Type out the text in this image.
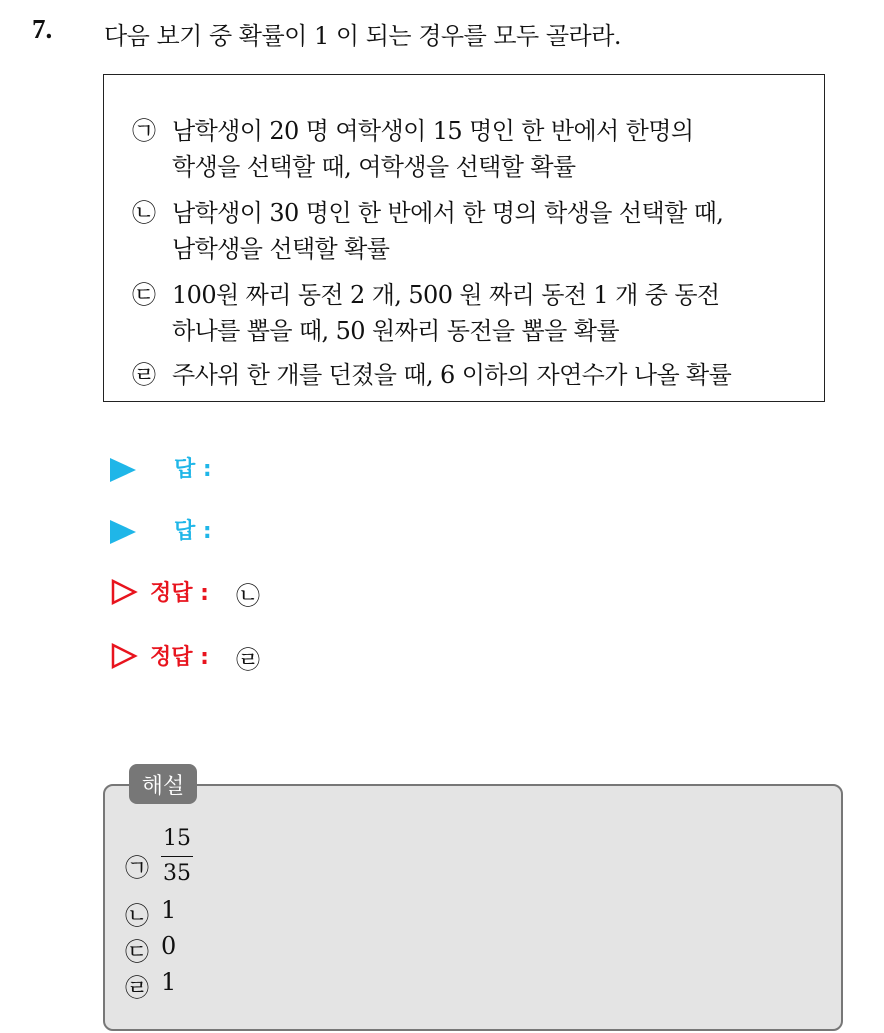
7. 다음 보기 중 확률이 1 이 되는 경우를 모두 골라라.
㉠ 남학생이 20 명 여학생이 15 명인 한 반에서 한명의
학생을 선택할 때, 여학생을 선택할 확률
㉡ 남학생이 30 명인 한 반에서 한 명의 학생을 선택할 때,
남학생을 선택할 확률
㉢ 100원 짜리 동전 2 개, 500 원 짜리 동전 1 개 중 동전
하나를 뽑을 때, 50 원짜리 동전을 뽑을 확률
㉣ 주사위 한 개를 던졌을 때, 6 이하의 자연수가 나올 확률
답 :
답 :
정답 : ㉡
정답 : ㉣
㉠
15
35
㉡ 1
㉢ 0
㉣ 1
해설
